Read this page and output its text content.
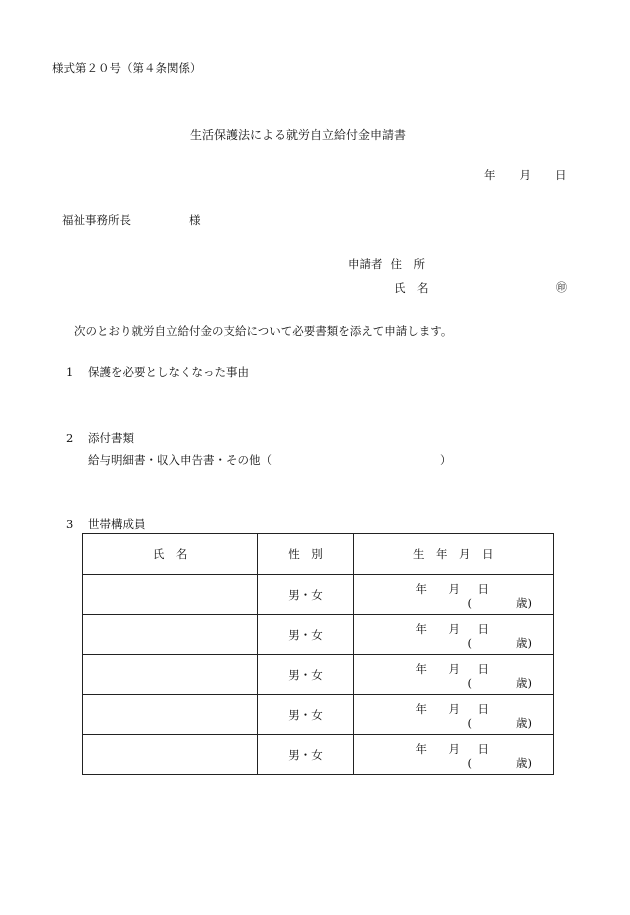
様式第２０号（第４条関係）
生活保護法による就労自立給付金申請書
年 月 日
福祉事務所長	様
申請者 住　所
氏　名	㊞
次のとおり就労自立給付金の支給について必要書類を添えて申請します。
1 保護を必要としなくなった事由
2 添付書類
給与明細書・収入申告書・その他（	）
3 世帯構成員
氏　名	性　別	生　年　月　日
	男・女	年 月 日
( 歳)

	男・女	年 月 日
( 歳)

	男・女	年 月 日
( 歳)

	男・女	年 月 日
( 歳)

	男・女	年 月 日
( 歳)
